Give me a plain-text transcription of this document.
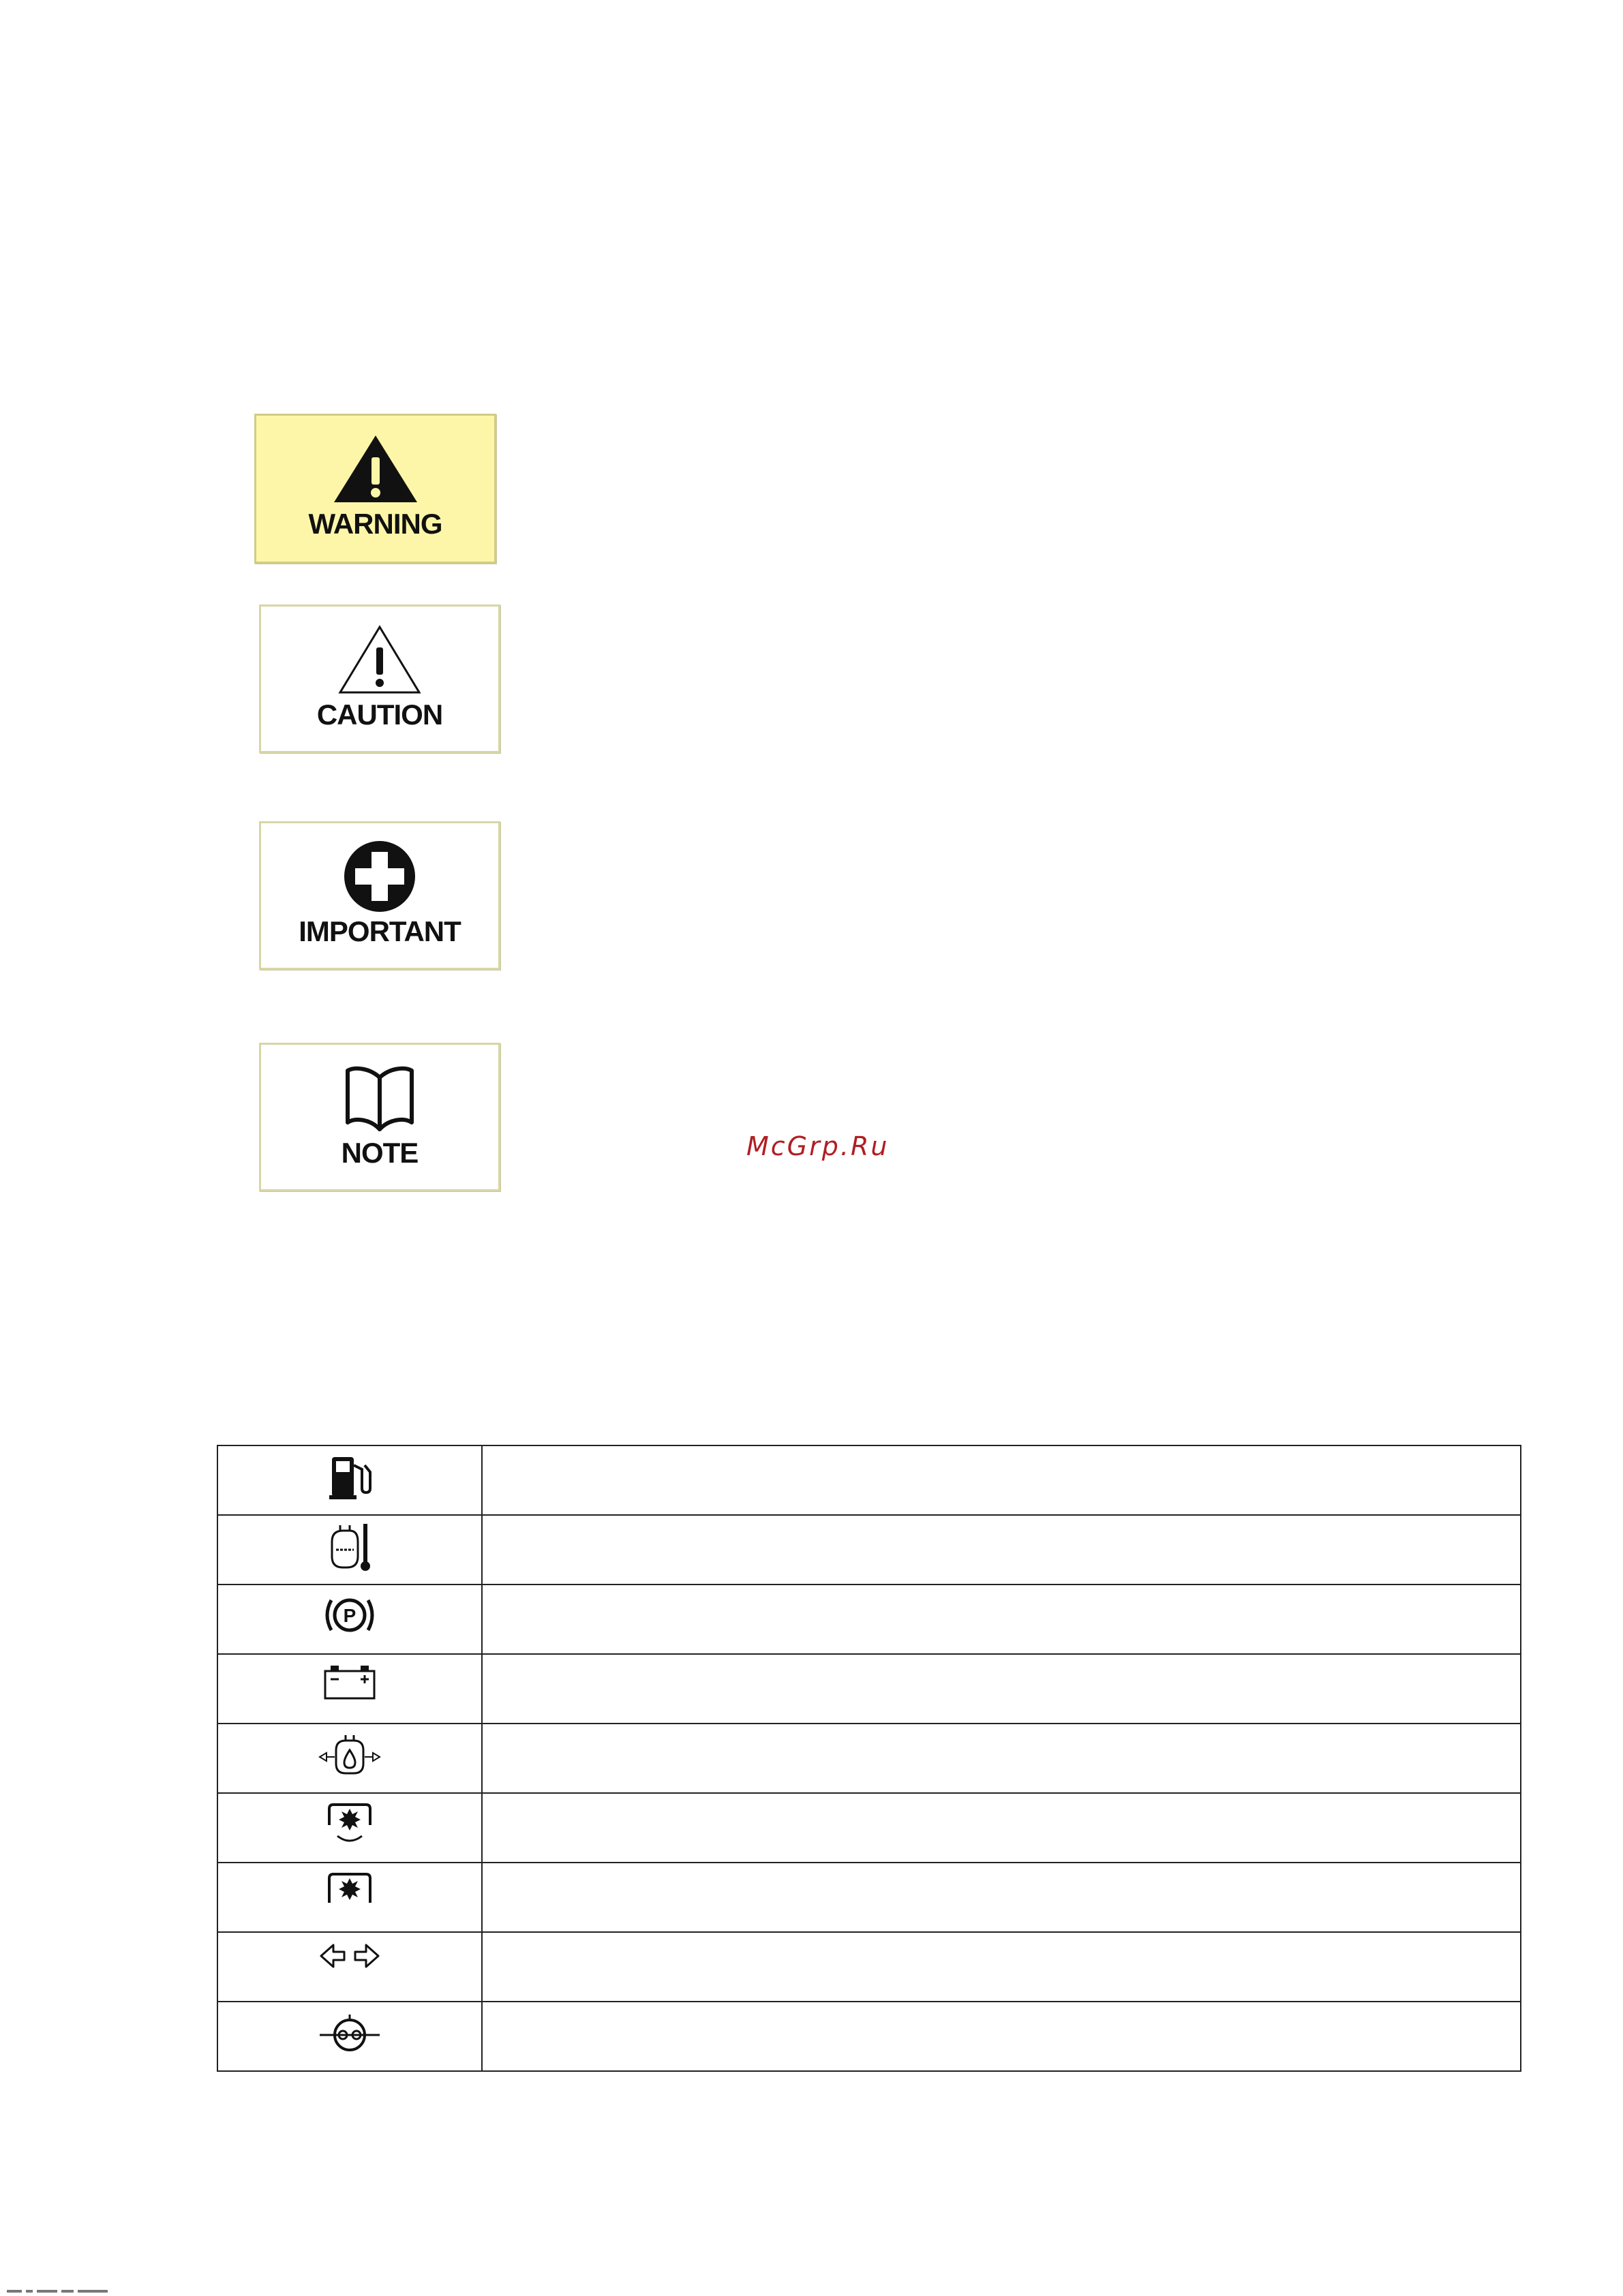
WARNING
CAUTION
IMPORTANT
NOTE	McGrp.Ru

P	
